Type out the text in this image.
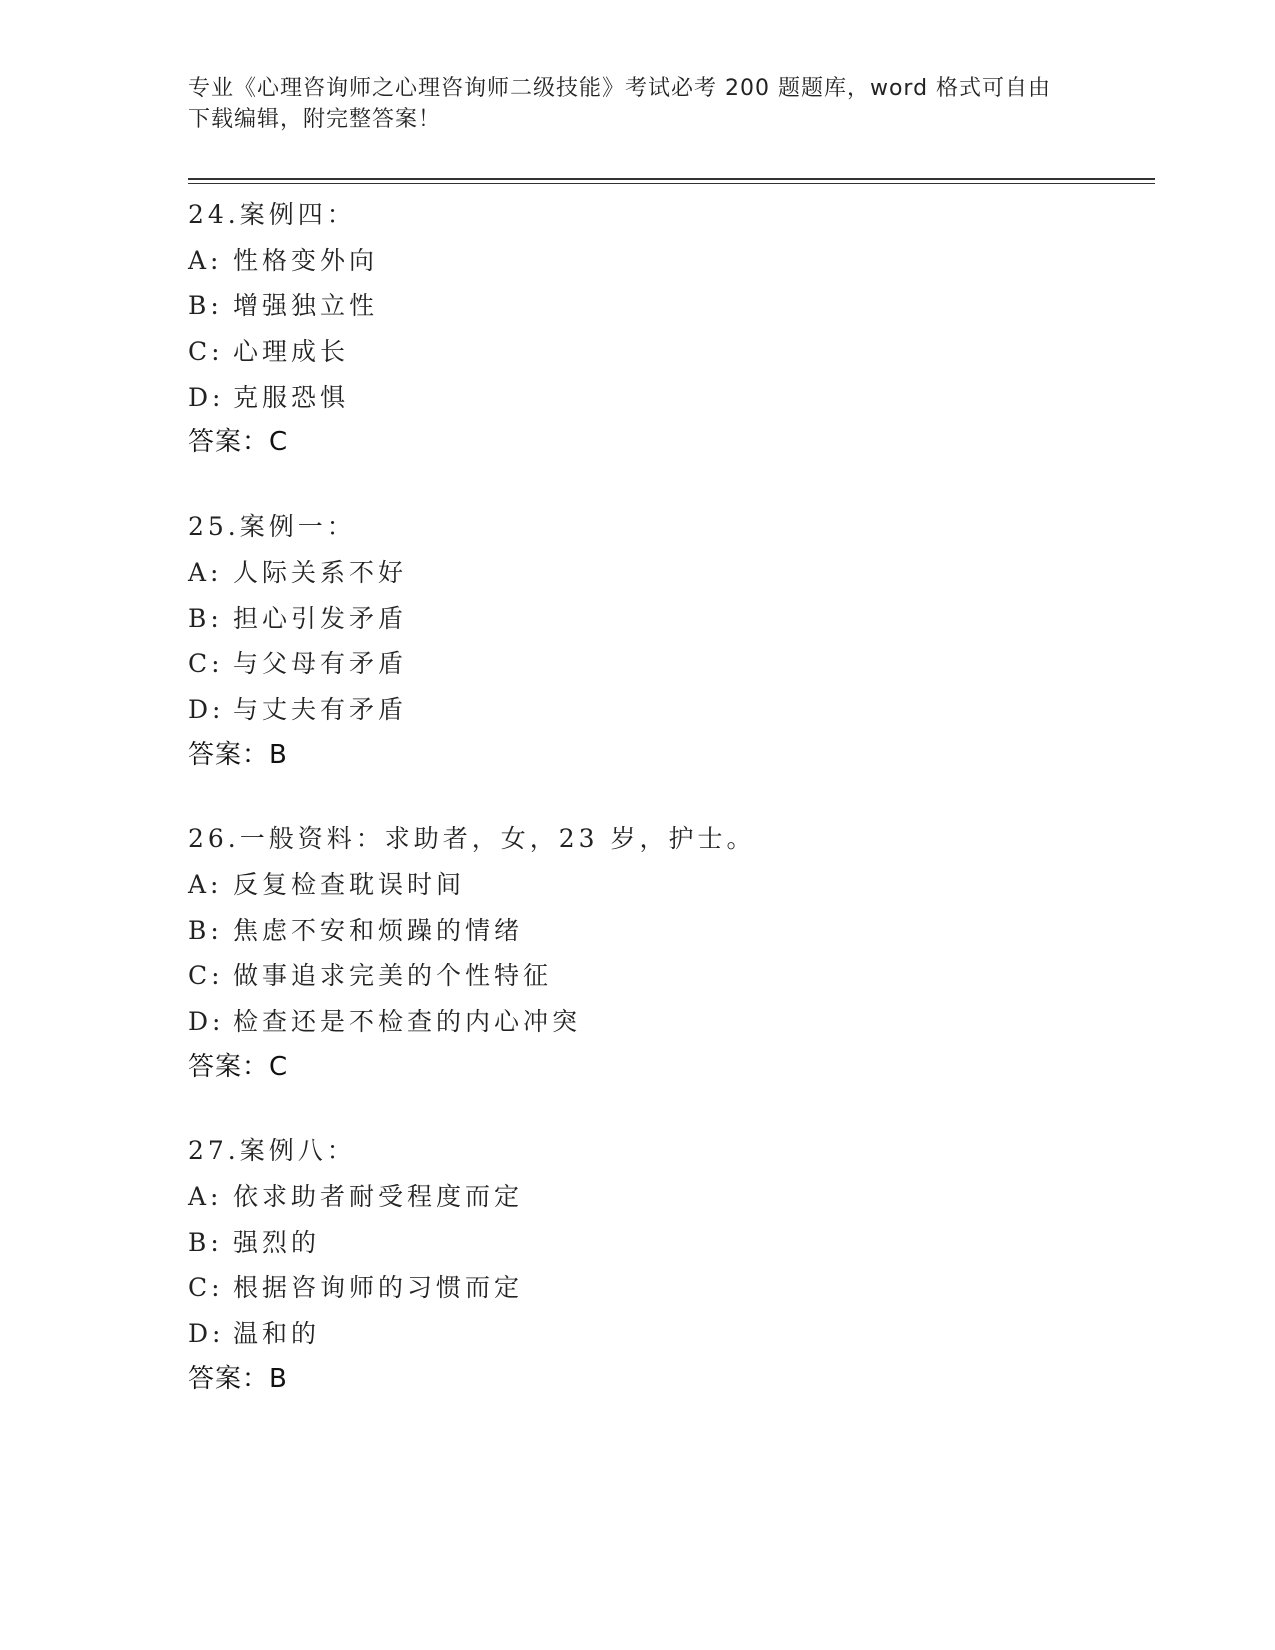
专业《心理咨询师之心理咨询师二级技能》考试必考 200 题题库，word 格式可自由下载编辑，附完整答案！
24.案例四：
A: 性格变外向
B: 增强独立性
C: 心理成长
D: 克服恐惧
答案：C
25.案例一：
A: 人际关系不好
B: 担心引发矛盾
C: 与父母有矛盾
D: 与丈夫有矛盾
答案：B
26.一般资料：求助者，女，23 岁，护士。
A: 反复检查耽误时间
B: 焦虑不安和烦躁的情绪
C: 做事追求完美的个性特征
D: 检查还是不检查的内心冲突
答案：C
27.案例八：
A: 依求助者耐受程度而定
B: 强烈的
C: 根据咨询师的习惯而定
D: 温和的
答案：B
